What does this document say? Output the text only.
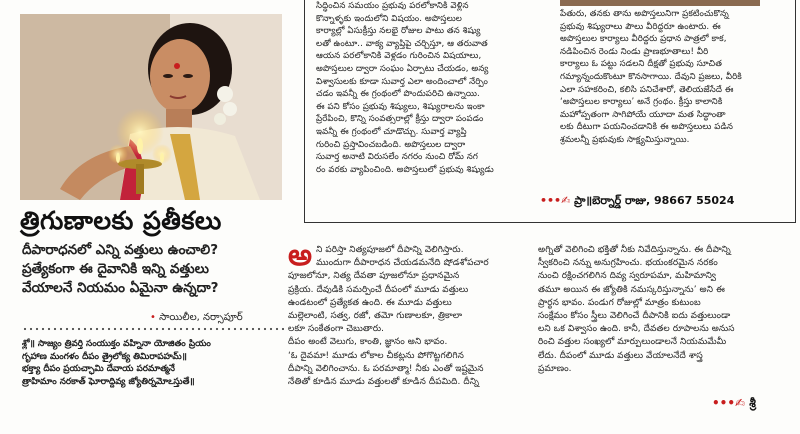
త్రిగుణాలకు ప్రతీకలు
దీపారాధనలో ఎన్ని వత్తులు ఉంచాలి?
ప్రత్యేకంగా ఈ దైవానికి ఇన్ని వత్తులు
వేయాలనే నియమం ఏమైనా ఉన్నదా?
• సాయిలీల, నర్సాపూర్
శ్లో॥ సాజ్యం త్రివర్తి సంయుక్తం వహ్నినా యోజితం ప్రియం
గృహాణ మంగళం దీపం త్రైలోక్య తిమిరాపహమ్॥
భక్త్యా దీపం ప్రయచ్ఛామి దేవాయ పరమాత్మనే
త్రాహిమాం నరకాత్ ఘోరాద్దివ్య జ్యోతిర్నమోఽస్తుతే॥

సిద్ధించిన సమయం ప్రభువు పరలోకానికి వెళ్లిన

కొన్నాళ్ళకు ఇందులోని విషయం. అపొస్తలుల

కార్యాల్లో ఏసుక్రీస్తు నలభై రోజుల పాటు తన శిష్యు

లతో ఉంటూ.. వాక్య వ్యాప్తిపై చర్చిస్తూ, ఆ తరువాత

ఆయన పరలోకానికి వెళ్లడం గురించిన విషయాలు,

అపొస్తలుల ద్వారా సంఘం ఏర్పాటు చేయడం, అన్య

విశ్వాసులకు కూడా సువార్త ఎలా అందించాలో నేర్పిం

చడం ఇవన్నీ ఈ గ్రంథంలో పొందుపరిచి ఉన్నాయి.

ఈ పని కోసం ప్రభువు శిష్యులు, శిష్యురాలను ఇంకా

ప్రేరేపించి, కొన్ని సంవత్సరాల్లో క్రీస్తు ద్వారా పంపడం

ఇవన్నీ ఈ గ్రంథంలో చూడొచ్చు. సువార్త వ్యాప్తి

గురించి ప్రస్తావించబడింది. అపొస్తలుల ద్వారా

సువార్త అనాటి విరుసలేం నగరం నుంచి రోమ్ నగ

రం వరకు వ్యాపించింది. అపొస్తలులో ప్రభువు శిష్యుడు

పేతురు, తనకు తాను అపొస్తలునిగా ప్రకటించుకొన్న

ప్రభువు శిష్యురాలు పౌలు వీరిద్దరూ ఉంటారు. ఈ

అపొస్తలుల కార్యాలు వీరిద్దరు ప్రధాన పాత్రలో కాక,

నడిపించిన రెండు నిండు ప్రాణభూతాలు! వీరి

కార్యాలు ఓ పట్టు సడలని దీక్షతో ప్రభువు సూచిత

గమ్యాన్నందుకొంటూ కొనసాగాయి. దేవుని ప్రజలు, వీరికి

ఎలా సహకరించి, కలిసి పనిచేశారో, తెలియజేసేదే ఈ

‘అపొస్తలుల కార్యాలు’ అనే గ్రంథం. క్రీస్తు కాలానికి

మహోప్పతంగా సాగిపోయే యూదా మత సిద్ధాంతా

లకు దీటుగా పయనించడానికి ఈ అపొస్తలులు పడిన

శ్రమలన్నీ ప్రభువుకు సాక్ష్యమిస్తున్నాయి.

•••✍ ప్రా॥బెర్నార్డ్ రాజు, 98667 55024

అ ని పరిస్తా నిత్యపూజలో దీపాన్ని వెలిగిస్తారు.

ముందుగా దీపారాధన చేయడమనేది షోడశోపచార

పూజలోనూ, నిత్య దేవతా పూజలోనూ ప్రధానమైన

ప్రక్రియ. దేవుడికి సమర్పించే దీపంలో మూడు వత్తులు

ఉండటంలో ప్రత్యేకత ఉంది. ఈ మూడు వత్తులు

మల్లెలాంటి, సత్వ, రజో, తమో గుణాలకూ, త్రికాలా

లకూ సంకేతంగా చెబుతారు.

దీపం అంటే వెలుగు, కాంతి, జ్ఞానం అని భావం.

‘ఓ దైవమా! మూడు లోకాల చీకట్లను పోగొట్టగలిగిన

దీపాన్ని వెలిగించాను. ఓ పరమాత్మా! నీకు ఎంతో ఇష్టమైన

నేతితో కూడిన మూడు వత్తులతో కూడిన దీపమిది. దీన్ని

అగ్నితో వెలిగించి భక్తితో నీకు నివేదిస్తున్నాను. ఈ దీపాన్ని

స్వీకరించి నన్ను అనుగ్రహించు. భయంకరమైన నరకం

నుంచి రక్షించగలిగిన దివ్య స్వరూపమా, మహిమాన్వి

తమూ అయిన ఈ జ్యోతికి నమస్కరిస్తున్నాను’ అని ఈ

ప్రార్థన భావం. పండుగ రోజుల్లో మాత్రం కుటుంబ

సంక్షేమం కోసం స్త్రీలు వెలిగించే దీపానికి ఐదు వత్తులుండా

లని ఒక విశ్వాసం ఉంది. కానీ, దేవతల రూపాలను అనుస

రించి వత్తుల సంఖ్యలో మార్పులుండాలనే నియమమేమీ

లేదు. దీపంలో మూడు వత్తులు వేయాలనేదే శాస్త్ర

ప్రమాణం.

•••✍ శ్రీ
